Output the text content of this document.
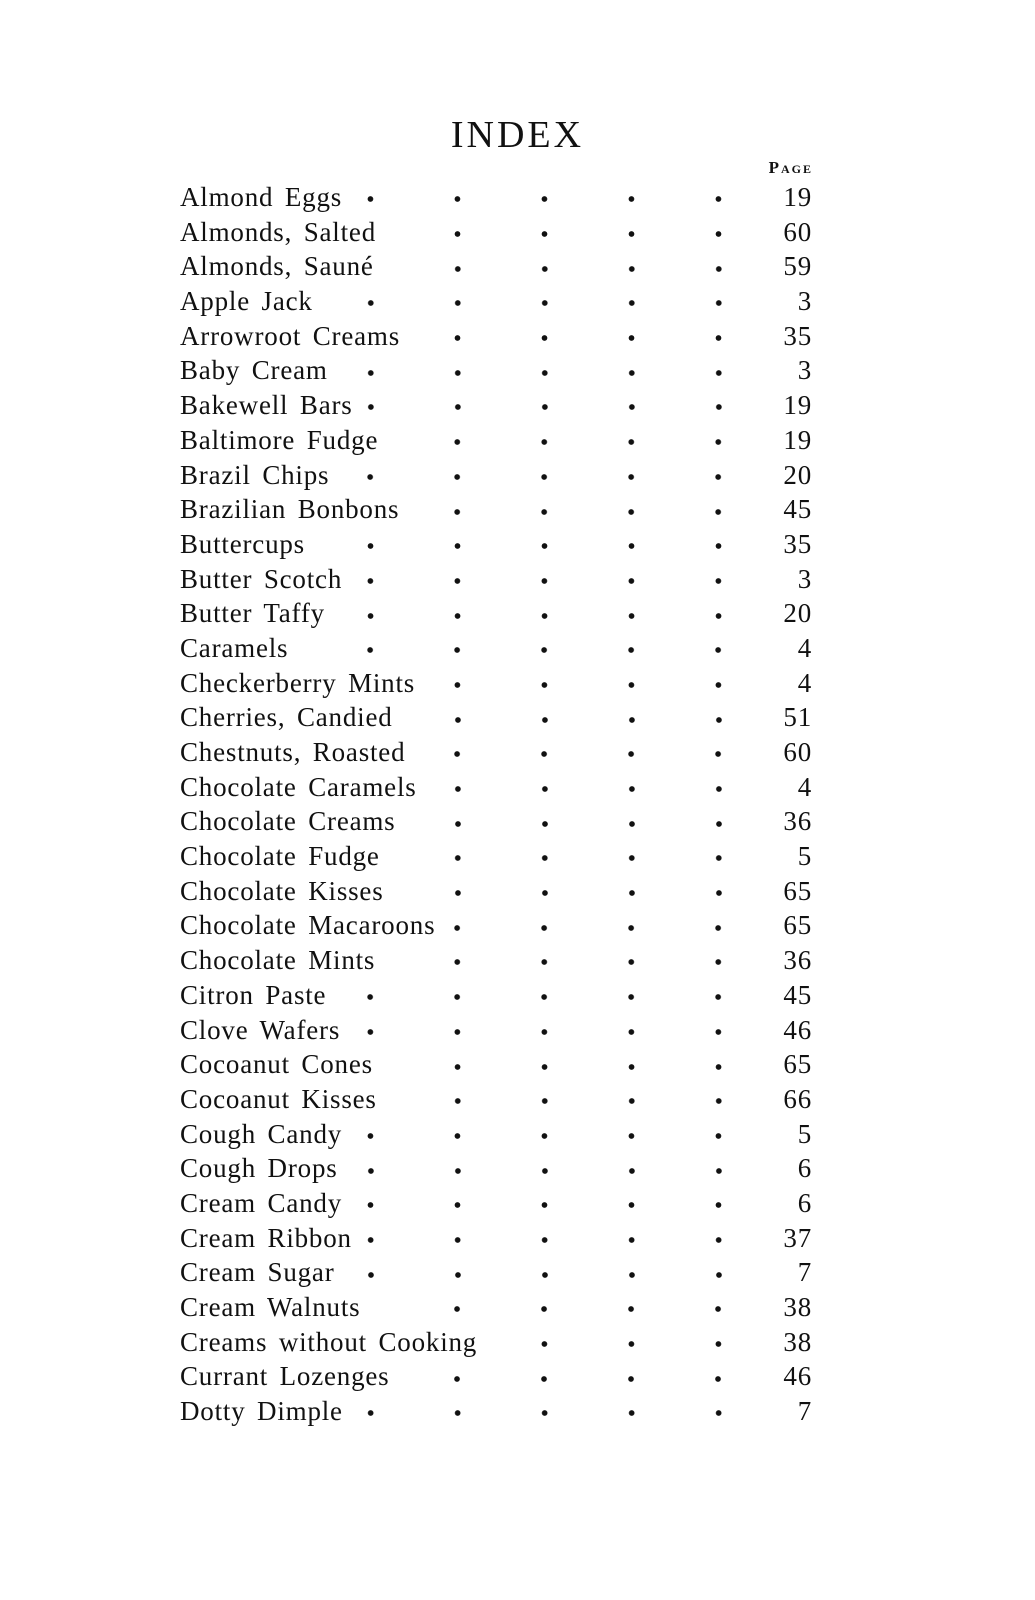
INDEX
Page
Almond Eggs	19
Almonds, Salted	60
Almonds, Sauné	59
Apple Jack	3
Arrowroot Creams	35
Baby Cream	3
Bakewell Bars	19
Baltimore Fudge	19
Brazil Chips	20
Brazilian Bonbons	45
Buttercups	35
Butter Scotch	3
Butter Taffy	20
Caramels	4
Checkerberry Mints	4
Cherries, Candied	51
Chestnuts, Roasted	60
Chocolate Caramels	4
Chocolate Creams	36
Chocolate Fudge	5
Chocolate Kisses	65
Chocolate Macaroons	65
Chocolate Mints	36
Citron Paste	45
Clove Wafers	46
Cocoanut Cones	65
Cocoanut Kisses	66
Cough Candy	5
Cough Drops	6
Cream Candy	6
Cream Ribbon	37
Cream Sugar	7
Cream Walnuts	38
Creams without Cooking	38
Currant Lozenges	46
Dotty Dimple	7
